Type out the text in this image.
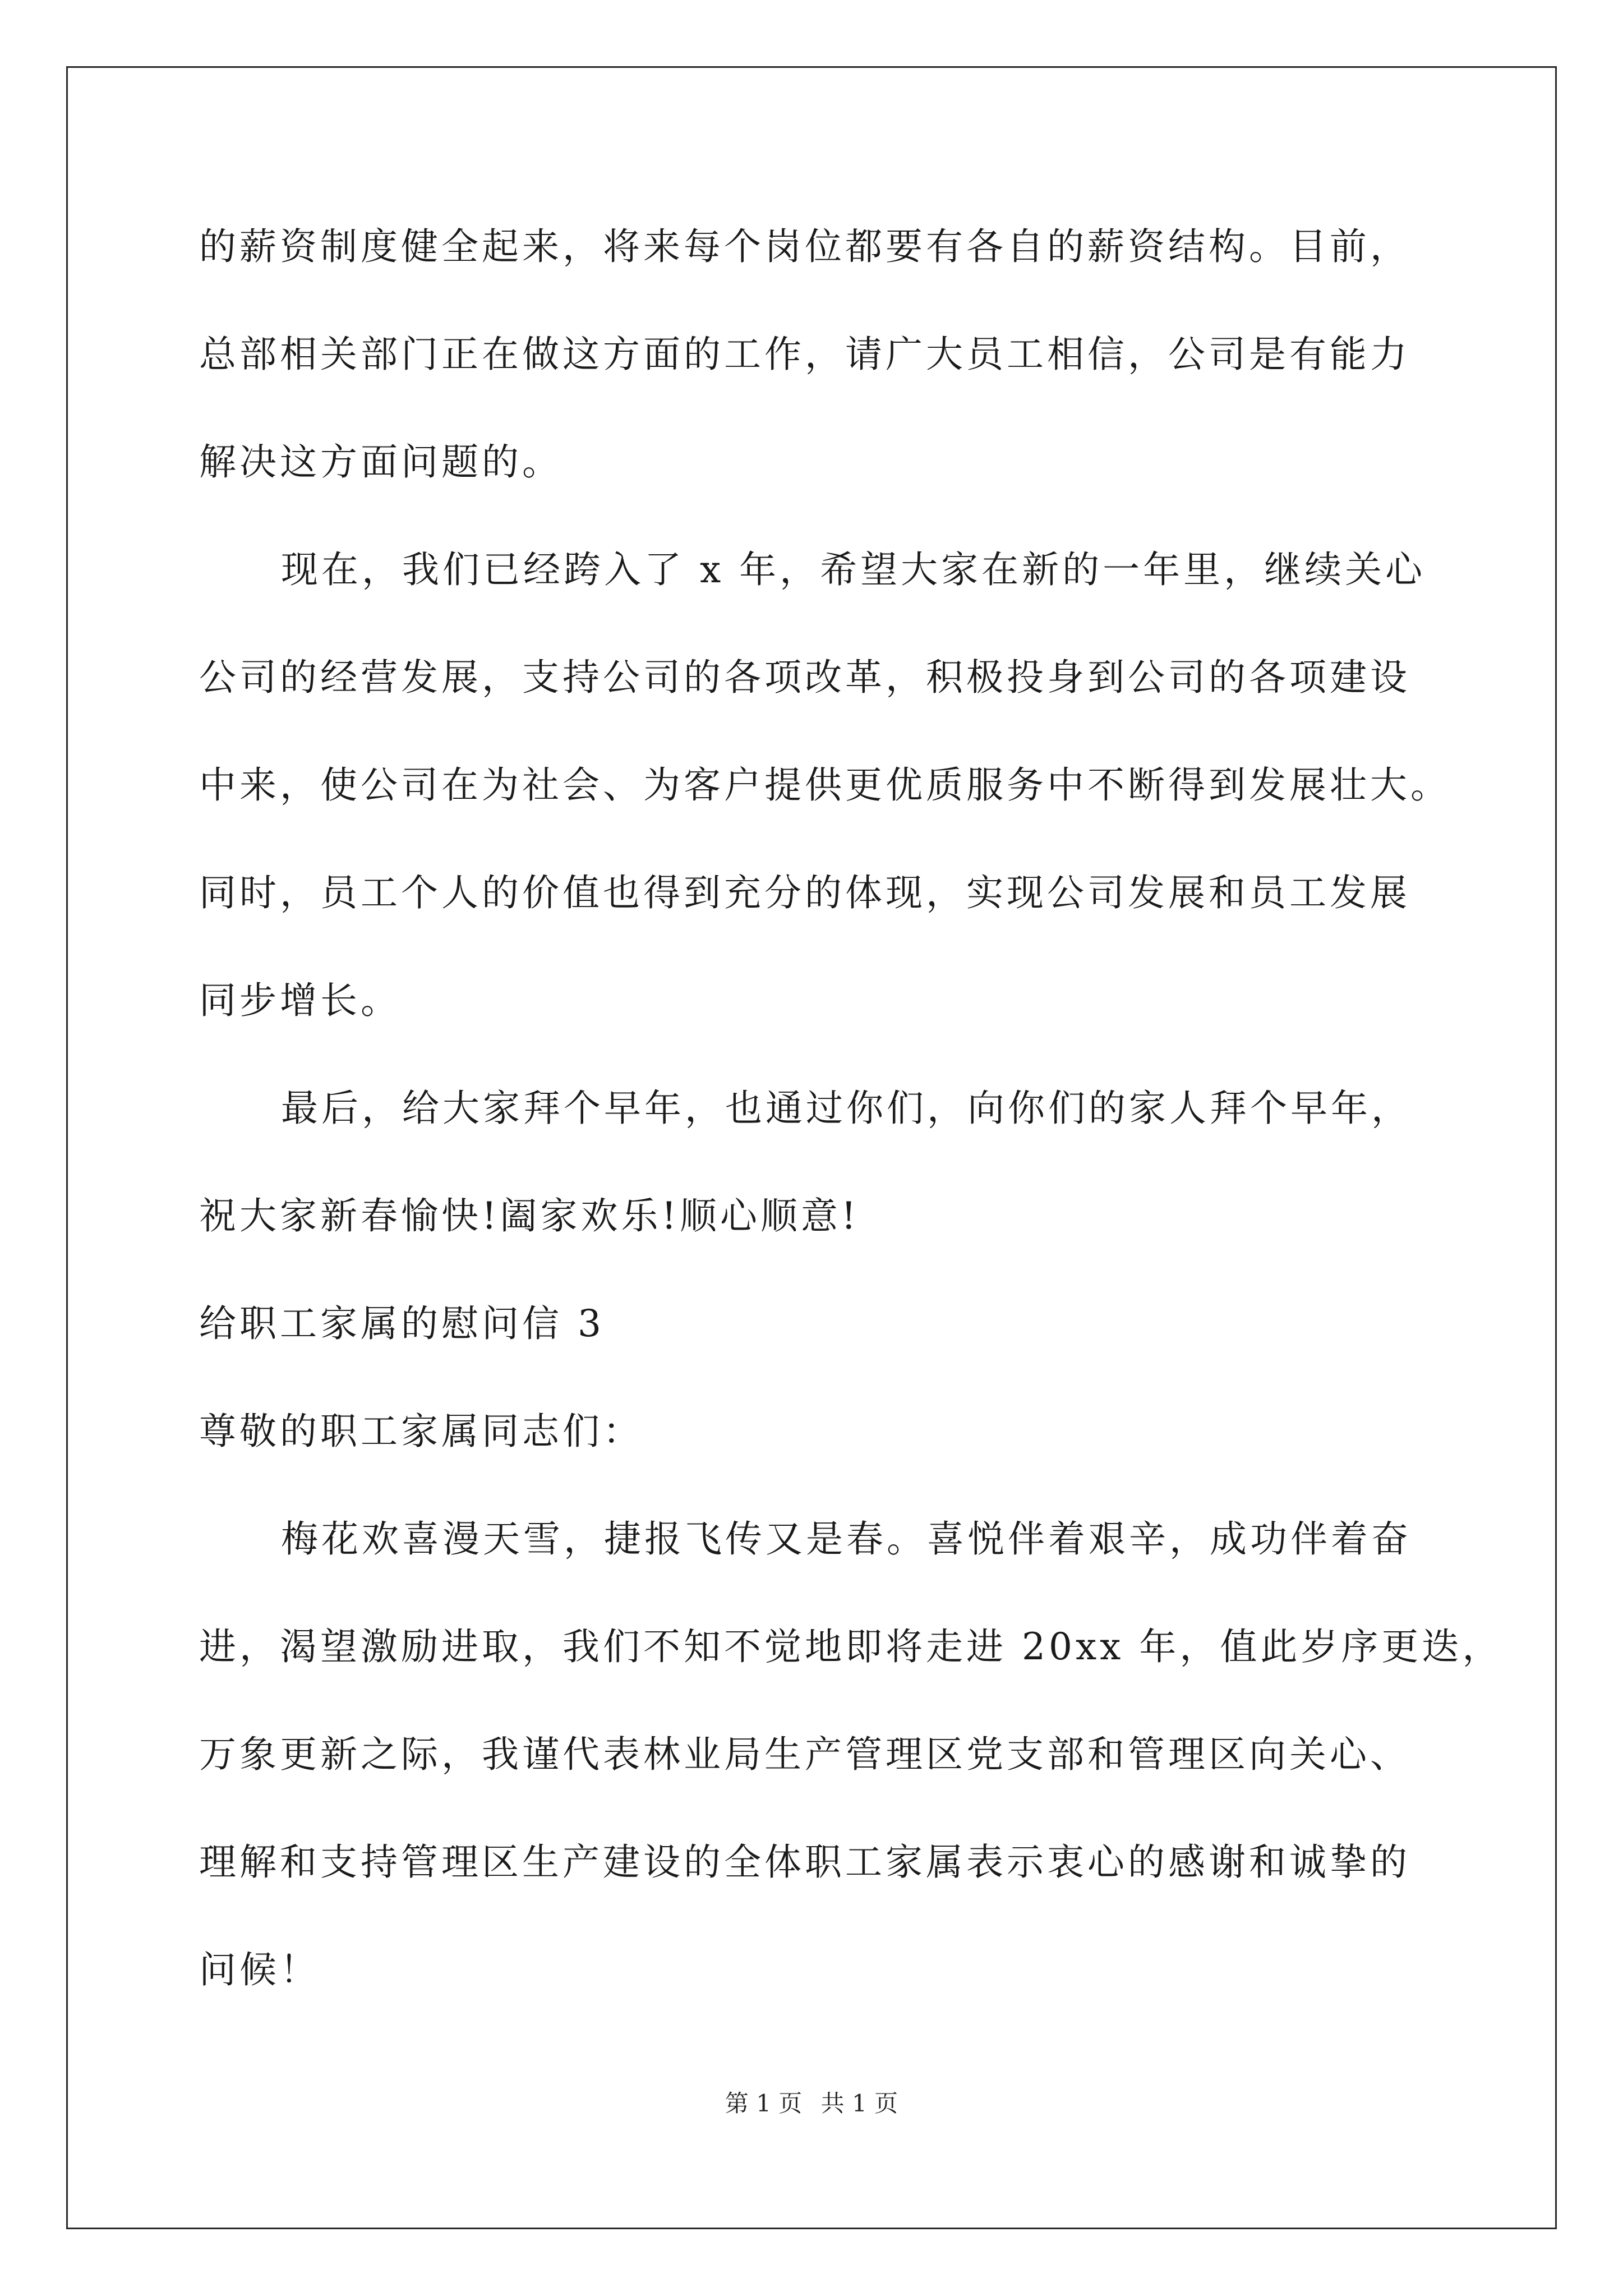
的薪资制度健全起来，将来每个岗位都要有各自的薪资结构。目前，
总部相关部门正在做这方面的工作，请广大员工相信，公司是有能力
解决这方面问题的。
现在，我们已经跨入了 x 年，希望大家在新的一年里，继续关心
公司的经营发展，支持公司的各项改革，积极投身到公司的各项建设
中来，使公司在为社会、为客户提供更优质服务中不断得到发展壮大。
同时，员工个人的价值也得到充分的体现，实现公司发展和员工发展
同步增长。
最后，给大家拜个早年，也通过你们，向你们的家人拜个早年，
祝大家新春愉快!阖家欢乐!顺心顺意!
给职工家属的慰问信 3
尊敬的职工家属同志们：
梅花欢喜漫天雪，捷报飞传又是春。喜悦伴着艰辛，成功伴着奋
进，渴望激励进取，我们不知不觉地即将走进 20xx 年，值此岁序更迭，
万象更新之际，我谨代表林业局生产管理区党支部和管理区向关心、
理解和支持管理区生产建设的全体职工家属表示衷心的感谢和诚挚的
问候！
第 1 页 共 1 页
